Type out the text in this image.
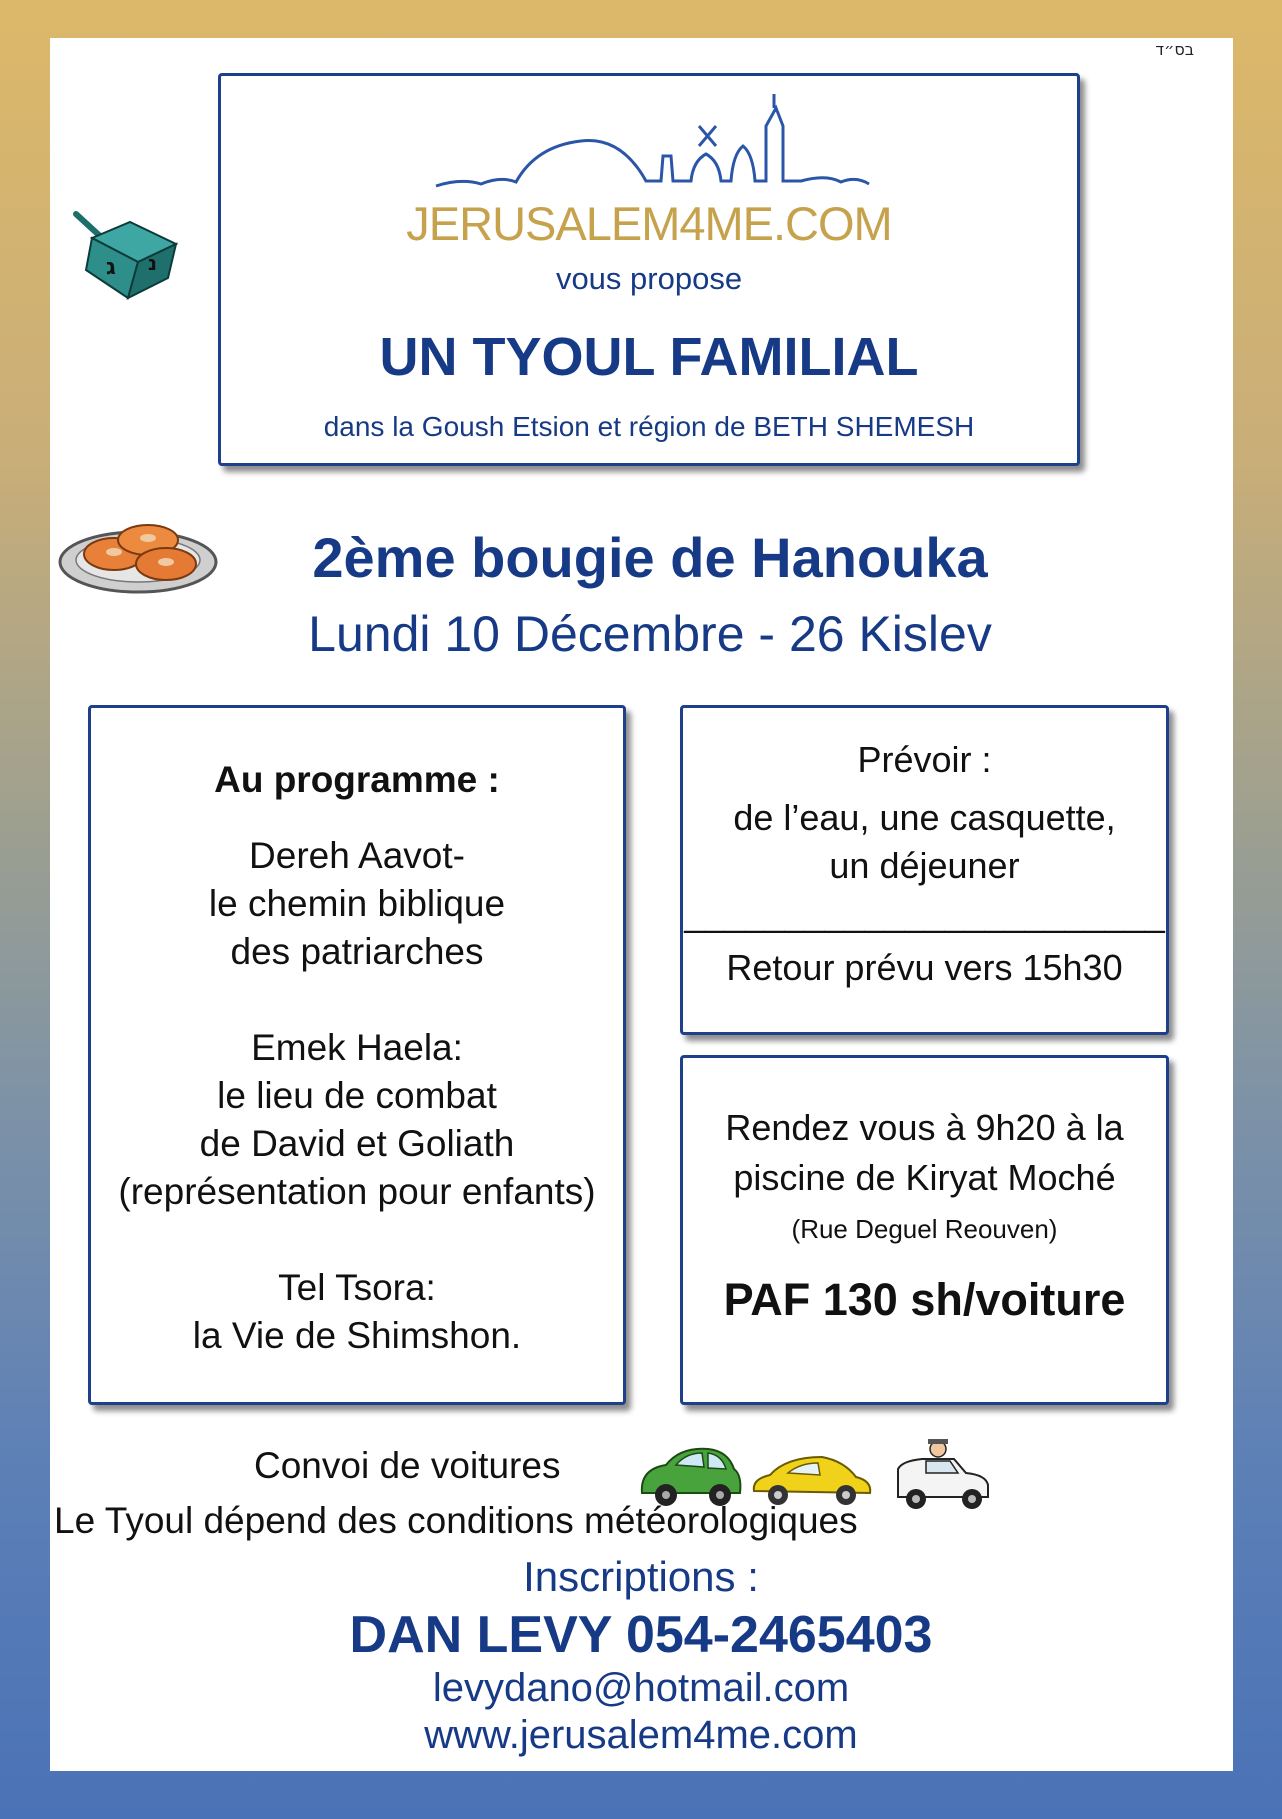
בס״ד
ג נ
JERUSALEM4ME.COM
vous propose
UN TYOUL FAMILIAL
dans la Goush Etsion et région de BETH SHEMESH
2ème bougie de Hanouka
Lundi 10 Décembre - 26 Kislev
Au programme :
Dereh Aavot-
le chemin biblique
des patriarches
Emek Haela:
le lieu de combat
de David et Goliath
(représentation pour enfants)
Tel Tsora:
la Vie de Shimshon.
Prévoir :
de l’eau, une casquette,
un déjeuner
________________________
Retour prévu vers 15h30
Rendez vous à 9h20 à la
piscine de Kiryat Moché
(Rue Deguel Reouven)
PAF 130 sh/voiture
Convoi de voitures
Le Tyoul dépend des conditions météorologiques
Inscriptions :
DAN LEVY 054-2465403
levydano@hotmail.com
www.jerusalem4me.com
